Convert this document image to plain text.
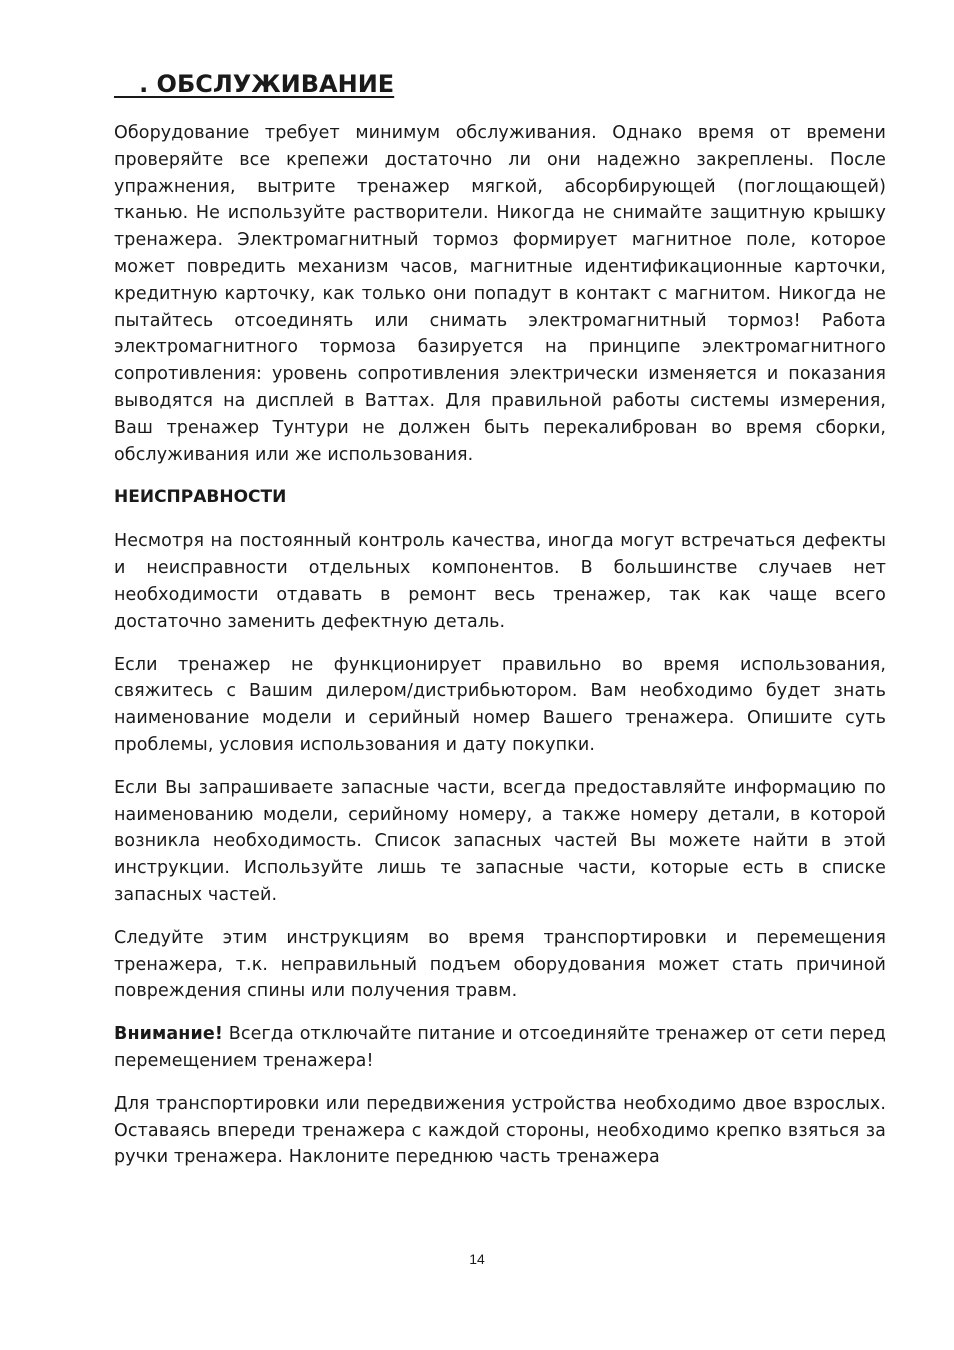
. ОБСЛУЖИВАНИЕ

Оборудование требует минимум обслуживания. Однако время от времени проверяйте все крепежи достаточно ли они надежно закреплены. После упражнения, вытрите тренажер мягкой, абсорбирующей (поглощающей) тканью. Не используйте растворители. Никогда не снимайте защитную крышку тренажера. Электромагнитный тормоз формирует магнитное поле, которое может повредить механизм часов, магнитные идентификационные карточки, кредитную карточку, как только они попадут в контакт с магнитом. Никогда не пытайтесь отсоединять или снимать электромагнитный тормоз! Работа электромагнитного тормоза базируется на принципе электромагнитного сопротивления: уровень сопротивления электрически изменяется и показания выводятся на дисплей в Ваттах. Для правильной работы системы измерения, Ваш тренажер Тунтури не должен быть перекалиброван во время сборки, обслуживания или же использования.

НЕИСПРАВНОСТИ

Несмотря на постоянный контроль качества, иногда могут встречаться дефекты и неисправности отдельных компонентов. В большинстве случаев нет необходимости отдавать в ремонт весь тренажер, так как чаще всего достаточно заменить дефектную деталь.

Если тренажер не функционирует правильно во время использования, свяжитесь с Вашим дилером/дистрибьютором. Вам необходимо будет знать наименование модели и серийный номер Вашего тренажера. Опишите суть проблемы, условия использования и дату покупки.

Если Вы запрашиваете запасные части, всегда предоставляйте информацию по наименованию модели, серийному номеру, а также номеру детали, в которой возникла необходимость. Список запасных частей Вы можете найти в этой инструкции. Используйте лишь те запасные части, которые есть в списке запасных частей.

Следуйте этим инструкциям во время транспортировки и перемещения тренажера, т.к. неправильный подъем оборудования может стать причиной повреждения спины или получения травм.

Внимание! Всегда отключайте питание и отсоединяйте тренажер от сети перед перемещением тренажера!

Для транспортировки или передвижения устройства необходимо двое взрослых. Оставаясь впереди тренажера с каждой стороны, необходимо крепко взяться за ручки тренажера. Наклоните переднюю часть тренажера

14
